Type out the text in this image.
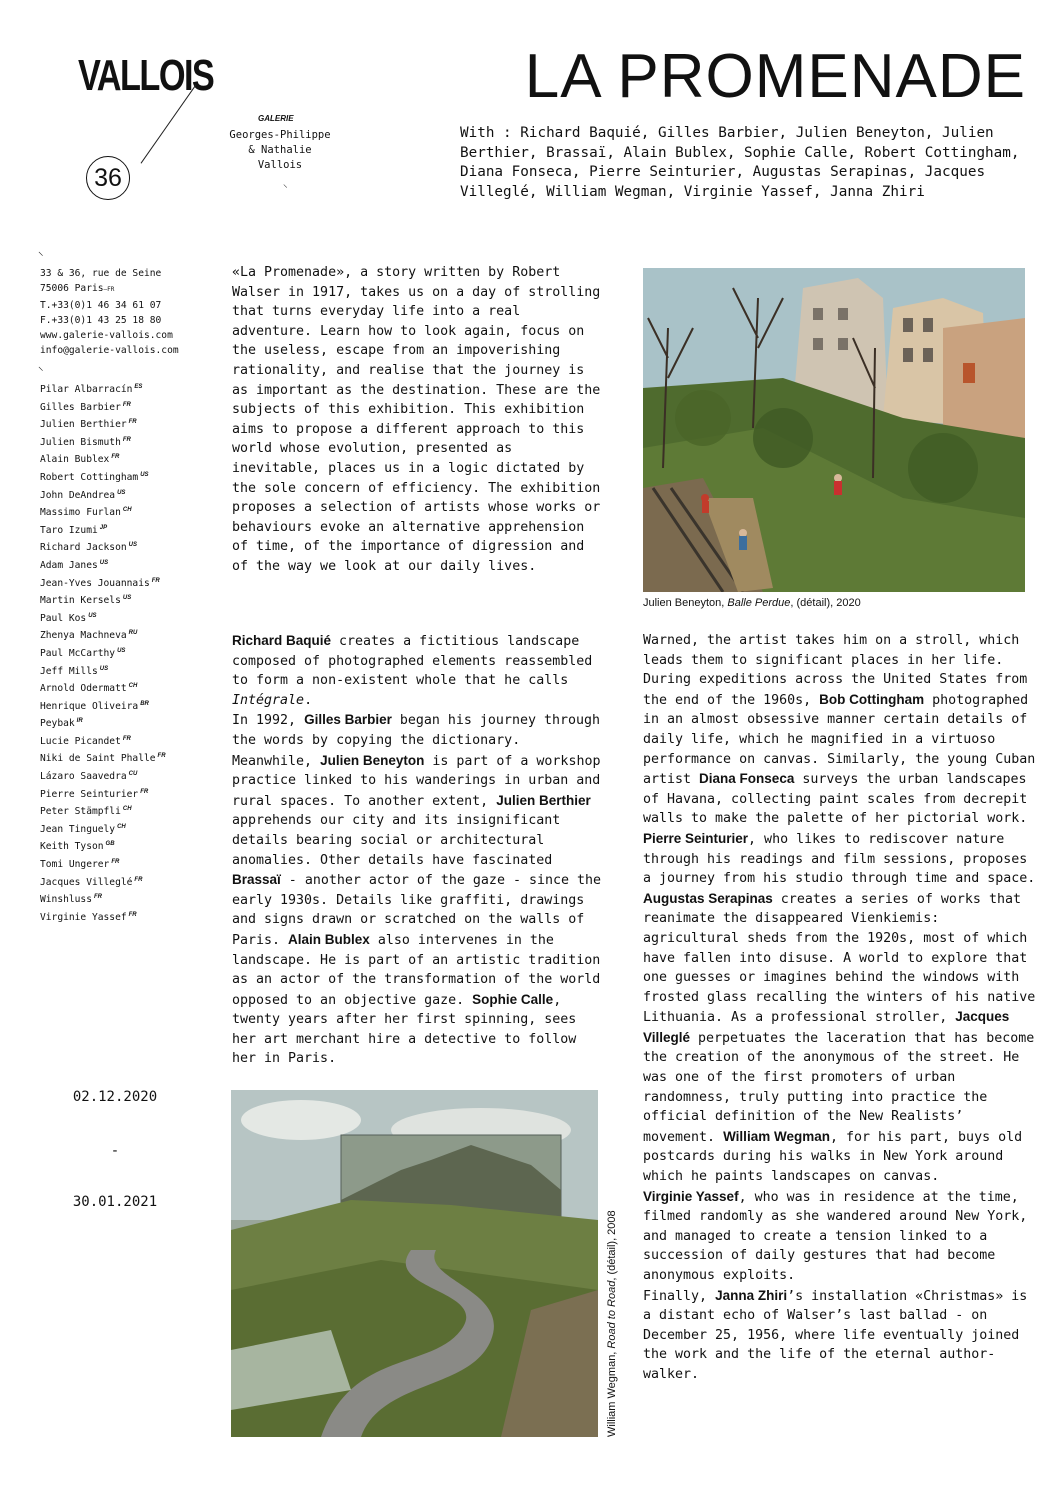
VALLOIS
GALERIE
Georges-Philippe
& Nathalie
Vallois
⸜
36
LA PROMENADE
With : Richard Baquié, Gilles Barbier, Julien Beneyton, Julien Berthier, Brassaï, Alain Bublex, Sophie Calle, Robert Cottingham, Diana Fonseca, Pierre Seinturier, Augustas Serapinas, Jacques Villeglé, William Wegman, Virginie Yassef, Janna Zhiri
⸜
33 & 36, rue de Seine
75006 Paris—FR
T.+33(0)1 46 34 61 07
F.+33(0)1 43 25 18 80
www.galerie-vallois.com
info@galerie-vallois.com
⸜
Pilar Albarracín $^{ES}$
Gilles Barbier $^{FR}$
Julien Berthier $^{FR}$
Julien Bismuth $^{FR}$
Alain Bublex $^{FR}$
Robert Cottingham $^{US}$
John DeAndrea $^{US}$
Massimo Furlan $^{CH}$
Taro Izumi $^{JP}$
Richard Jackson $^{US}$
Adam Janes $^{US}$
Jean-Yves Jouannais $^{FR}$
Martin Kersels $^{US}$
Paul Kos $^{US}$
Zhenya Machneva $^{RU}$
Paul McCarthy $^{US}$
Jeff Mills $^{US}$
Arnold Odermatt $^{CH}$
Henrique Oliveira $^{BR}$
Peybak $^{IR}$
Lucie Picandet $^{FR}$
Niki de Saint Phalle $^{FR}$
Lázaro Saavedra $^{CU}$
Pierre Seinturier $^{FR}$
Peter Stämpfli $^{CH}$
Jean Tinguely $^{CH}$
Keith Tyson $^{GB}$
Tomi Ungerer $^{FR}$
Jacques Villeglé $^{FR}$
Winshluss $^{FR}$
Virginie Yassef $^{FR}$
02.12.2020
-
30.01.2021

«La Promenade», a story written by Robert Walser in 1917, takes us on a day of strolling that turns everyday life into a real adventure. Learn how to look again, focus on the useless, escape from an impoverishing rationality, and realise that the journey is as important as the destination. These are the subjects of this exhibition. This exhibition aims to propose a different approach to this world whose evolution, presented as inevitable, places us in a logic dictated by the sole concern of efficiency. The exhibition proposes a selection of artists whose works or behaviours evoke an alternative apprehension of time, of the importance of digression and of the way we look at our daily lives.

Richard Baquié creates a fictitious landscape composed of photographed elements reassembled to form a non-existent whole that he calls Intégrale.

In 1992, Gilles Barbier began his journey through the words by copying the dictionary. Meanwhile, Julien Beneyton is part of a workshop practice linked to his wanderings in urban and rural spaces. To another extent, Julien Berthier apprehends our city and its insignificant details bearing social or architectural anomalies. Other details have fascinated Brassaï - another actor of the gaze - since the early 1930s. Details like graffiti, drawings and signs drawn or scratched on the walls of Paris. Alain Bublex also intervenes in the landscape. He is part of an artistic tradition as an actor of the transformation of the world opposed to an objective gaze. Sophie Calle, twenty years after her first spinning, sees her art merchant hire a detective to follow her in Paris.

Warned, the artist takes him on a stroll, which leads them to significant places in her life.

During expeditions across the United States from the end of the 1960s, Bob Cottingham photographed in an almost obsessive manner certain details of daily life, which he magnified in a virtuoso performance on canvas. Similarly, the young Cuban artist Diana Fonseca surveys the urban landscapes of Havana, collecting paint scales from decrepit walls to make the palette of her pictorial work. Pierre Seinturier, who likes to rediscover nature through his readings and film sessions, proposes a journey from his studio through time and space. Augustas Serapinas creates a series of works that reanimate the disappeared Vienkiemis: agricultural sheds from the 1920s, most of which have fallen into disuse. A world to explore that one guesses or imagines behind the windows with frosted glass recalling the winters of his native Lithuania. As a professional stroller, Jacques Villeglé perpetuates the laceration that has become the creation of the anonymous of the street. He was one of the first promoters of urban randomness, truly putting into practice the official definition of the New Realists’ movement. William Wegman, for his part, buys old postcards during his walks in New York around which he paints landscapes on canvas.

Virginie Yassef, who was in residence at the time, filmed randomly as she wandered around New York, and managed to create a tension linked to a succession of daily gestures that had become anonymous exploits.

Finally, Janna Zhiri’s installation «Christmas» is a distant echo of Walser’s last ballad - on December 25, 1956, where life eventually joined the work and the life of the eternal author-walker.

Julien Beneyton, Balle Perdue, (détail), 2020
William Wegman, Road to Road, (détail), 2008
